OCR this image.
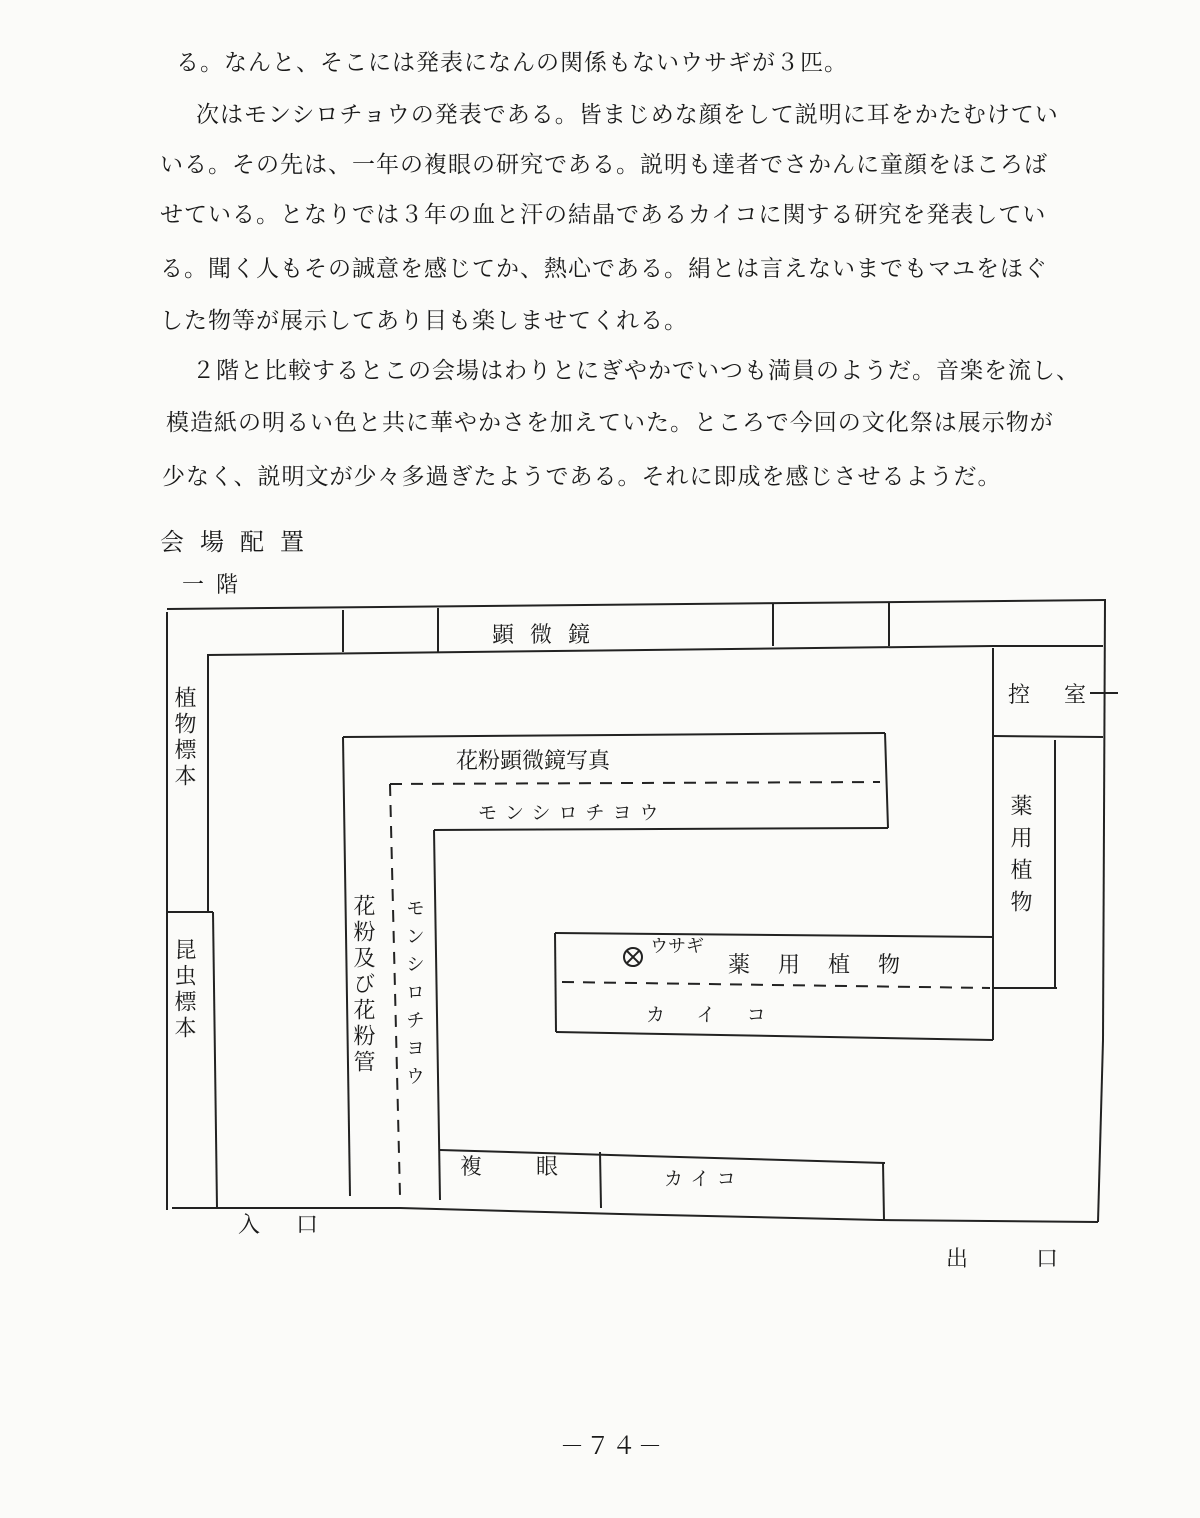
る。なんと、そこには発表になんの関係もないウサギが３匹。

　次はモンシロチョウの発表である。皆まじめな顔をして説明に耳をかたむけてい

いる。その先は、一年の複眼の研究である。説明も達者でさかんに童顔をほころば

せている。となりでは３年の血と汗の結晶であるカイコに関する研究を発表してい

る。聞く人もその誠意を感じてか、熱心である。絹とは言えないまでもマユをほぐ

した物等が展示してあり目も楽しませてくれる。

　２階と比較するとこの会場はわりとにぎやかでいつも満員のようだ。音楽を流し、

模造紙の明るい色と共に華やかさを加えていた。ところで今回の文化祭は展示物が

少なく、説明文が少々多過ぎたようである。それに即成を感じさせるようだ。

会場配置

一階

顕微鏡
控室
植物標本
昆虫標本
花粉顕微鏡写真
モンシロチヨウ
花粉及び花粉管 モンシロチヨウ
薬用植物
ウサギ
薬用植物
カイコ
複眼	カイコ
入口
出口
－７４－
